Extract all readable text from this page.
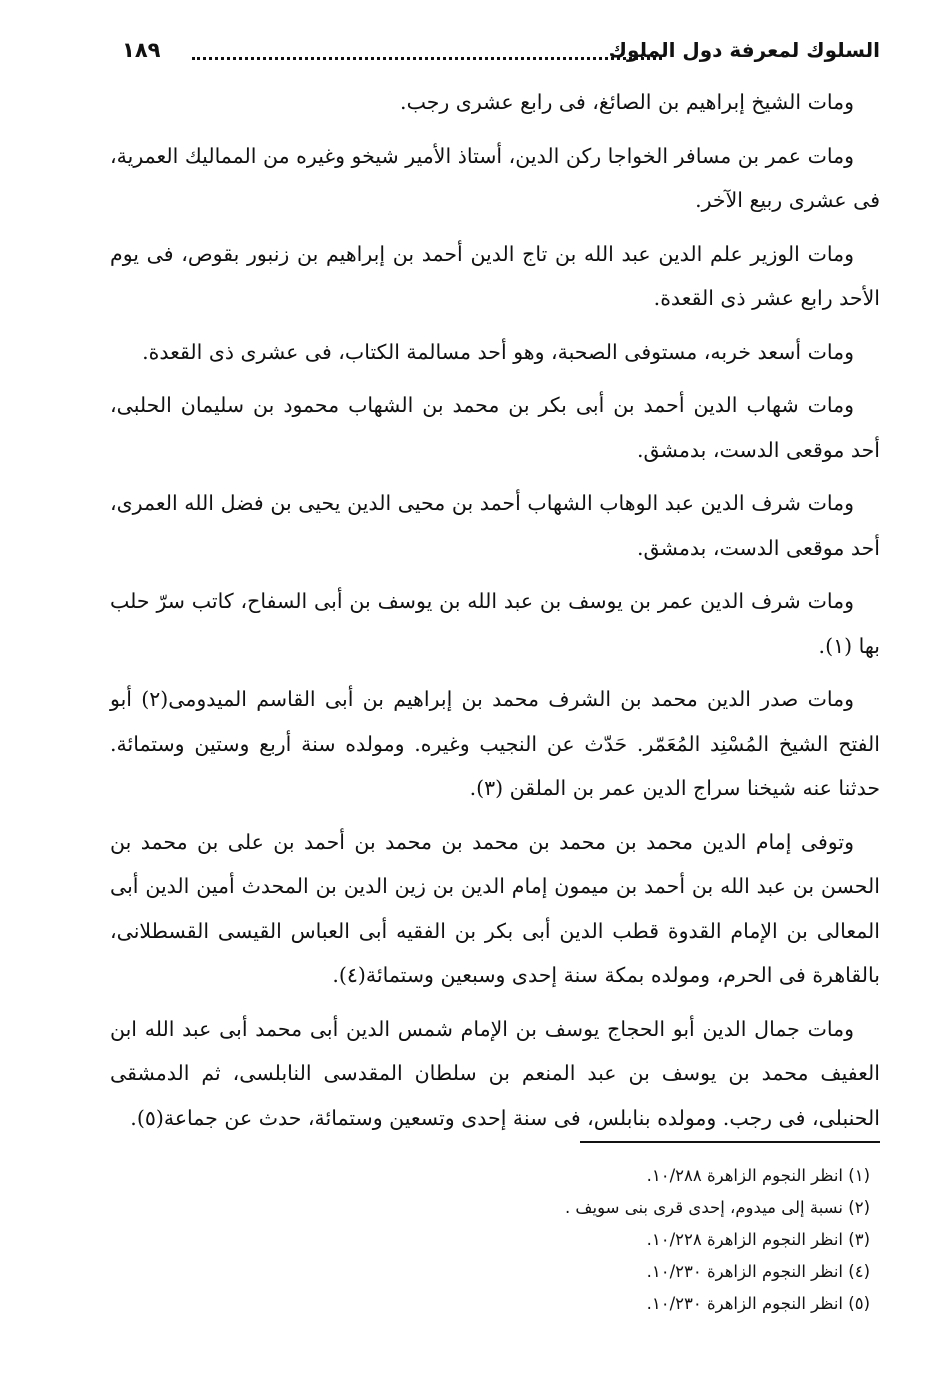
السلوك لمعرفة دول الملوك
١٨٩

ومات الشيخ إبراهيم بن الصائغ، فى رابع عشرى رجب.

ومات عمر بن مسافر الخواجا ركن الدين، أستاذ الأمير شيخو وغيره من المماليك العمرية، فى عشرى ربيع الآخر.

ومات الوزير علم الدين عبد الله بن تاج الدين أحمد بن إبراهيم بن زنبور بقوص، فى يوم الأحد رابع عشر ذى القعدة.

ومات أسعد خربه، مستوفى الصحبة، وهو أحد مسالمة الكتاب، فى عشرى ذى القعدة.

ومات شهاب الدين أحمد بن أبى بكر بن محمد بن الشهاب محمود بن سليمان الحلبى، أحد موقعى الدست، بدمشق.

ومات شرف الدين عبد الوهاب الشهاب أحمد بن محيى الدين يحيى بن فضل الله العمرى، أحد موقعى الدست، بدمشق.

ومات شرف الدين عمر بن يوسف بن عبد الله بن يوسف بن أبى السفاح، كاتب سرّ حلب بها (١).

ومات صدر الدين محمد بن الشرف محمد بن إبراهيم بن أبى القاسم الميدومى(٢) أبو الفتح الشيخ المُسْنِد المُعَمّر. حَدّث عن النجيب وغيره. ومولده سنة أربع وستين وستمائة. حدثنا عنه شيخنا سراج الدين عمر بن الملقن (٣).

وتوفى إمام الدين محمد بن محمد بن محمد بن محمد بن أحمد بن على بن محمد بن الحسن بن عبد الله بن أحمد بن ميمون إمام الدين بن زين الدين بن المحدث أمين الدين أبى المعالى بن الإمام القدوة قطب الدين أبى بكر بن الفقيه أبى العباس القيسى القسطلانى، بالقاهرة فى الحرم، ومولده بمكة سنة إحدى وسبعين وستمائة(٤).

ومات جمال الدين أبو الحجاج يوسف بن الإمام شمس الدين أبى محمد أبى عبد الله ابن العفيف محمد بن يوسف بن عبد المنعم بن سلطان المقدسى النابلسى، ثم الدمشقى الحنبلى، فى رجب. ومولده بنابلس، فى سنة إحدى وتسعين وستمائة، حدث عن جماعة(٥).

(١) انظر النجوم الزاهرة ١٠/٢٨٨.
(٢) نسبة إلى ميدوم، إحدى قرى بنى سويف .
(٣) انظر النجوم الزاهرة ١٠/٢٢٨.
(٤) انظر النجوم الزاهرة ١٠/٢٣٠.
(٥) انظر النجوم الزاهرة ١٠/٢٣٠.
